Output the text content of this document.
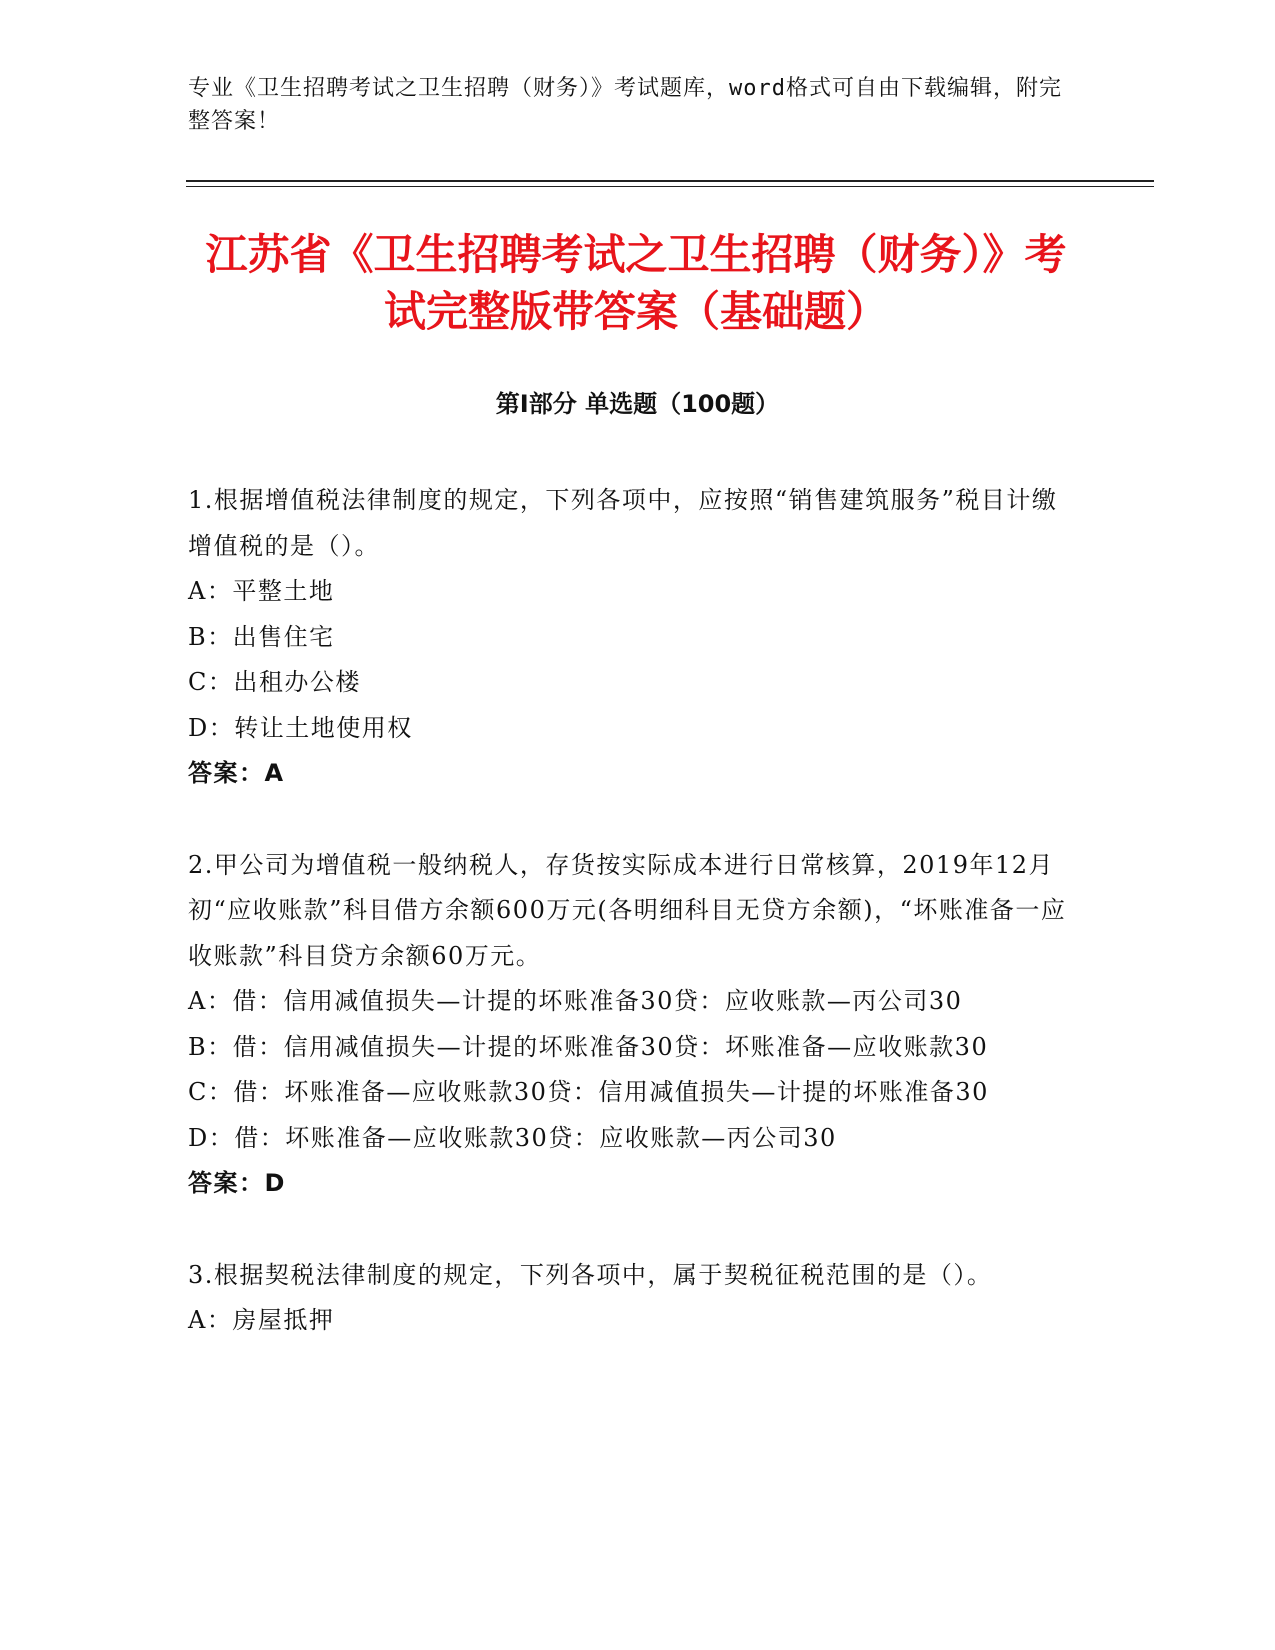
专业《卫生招聘考试之卫生招聘（财务）》考试题库，word格式可自由下载编辑，附完整答案！
江苏省《卫生招聘考试之卫生招聘（财务）》考试完整版带答案（基础题）
第Ⅰ部分 单选题（100题）

1.根据增值税法律制度的规定，下列各项中，应按照“销售建筑服务”税目计缴增值税的是（）。

A：平整土地

B：出售住宅

C：出租办公楼

D：转让土地使用权

答案：A

2.甲公司为增值税一般纳税人，存货按实际成本进行日常核算，2019年12月初“应收账款”科目借方余额600万元(各明细科目无贷方余额)，“坏账准备一应收账款”科目贷方余额60万元。

A：借：信用减值损失—计提的坏账准备30贷：应收账款—丙公司30

B：借：信用减值损失—计提的坏账准备30贷：坏账准备—应收账款30

C：借：坏账准备—应收账款30贷：信用减值损失—计提的坏账准备30

D：借：坏账准备—应收账款30贷：应收账款—丙公司30

答案：D

3.根据契税法律制度的规定，下列各项中，属于契税征税范围的是（）。

A：房屋抵押
